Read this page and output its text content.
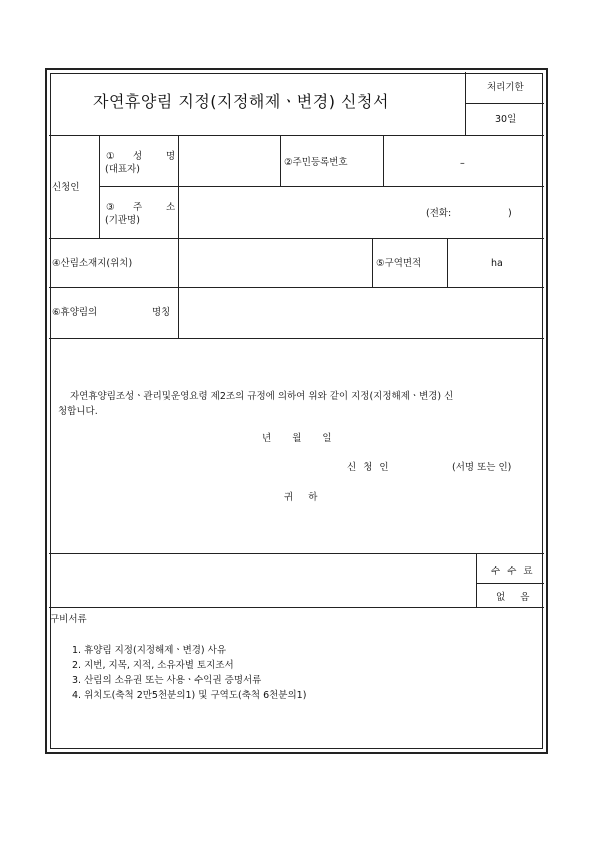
자연휴양림 지정(지정해제ㆍ변경) 신청서
처리기한
30일
신청인
① 성	명
(대표자)
②주민등록번호	–
③ 주	소
(기관명)
(전화:	)
④산림소재지(위치)	⑤구역면적	ha
⑥휴양림의	명칭
자연휴양림조성ㆍ관리및운영요령 제2조의 규정에 의하여 위와 같이 지정(지정해제ㆍ변경) 신
청합니다.
년 월 일
신 청 인	(서명 또는 인)
귀 하
수 수 료
없 음
구비서류
1. 휴양림 지정(지정해제ㆍ변경) 사유
2. 지번, 지목, 지적, 소유자별 토지조서
3. 산림의 소유권 또는 사용ㆍ수익권 증명서류
4. 위치도(축척 2만5천분의1) 및 구역도(축척 6천분의1)
